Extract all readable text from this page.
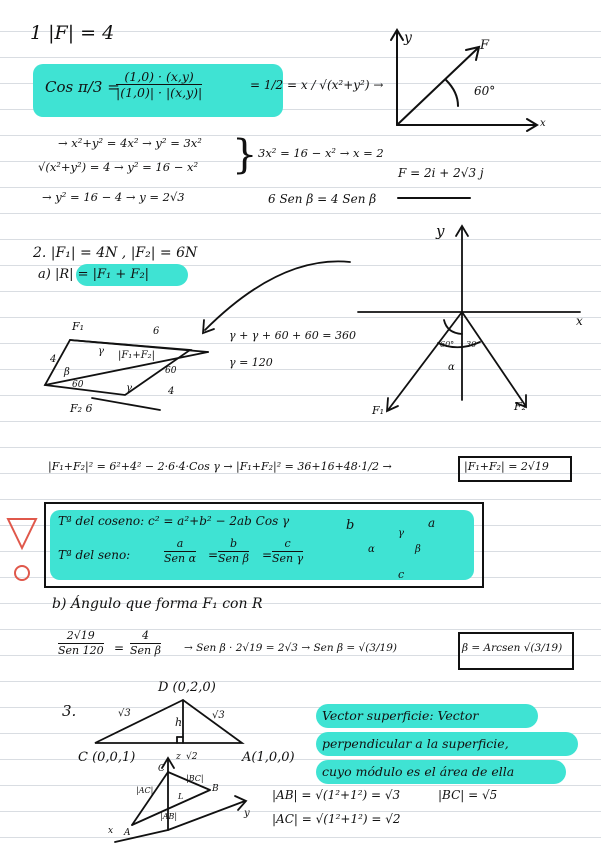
1 |F| = 4
Cos π/3 =
(1,0) · (x,y)
|(1,0)| · |(x,y)|
= 1/2 = x / √(x²+y²) →
→ x²+y² = 4x² → y² = 3x²
√(x²+y²) = 4 → y² = 16 − x² } 3x² = 16 − x² → x = 2
→ y² = 16 − 4 → y = 2√3	6 Sen β = 4 Sen β
y	F
60°
x
F = 2i + 2√3 j
2. |F₁| = 4N , |F₂| = 6N
a) |R| = |F₁ + F₂|
F₁	6
4
γ |F₁+F₂|
β	60
60	γ	4
F₂ 6
γ + γ + 60 + 60 = 360
γ = 120
y
x
60° 30
α
F₁	F₂
|F₁+F₂|² = 6²+4² − 2·6·4·Cos γ → |F₁+F₂|² = 36+16+48·1/2 →	|F₁+F₂| = 2√19
Tª del coseno: c² = a²+b² − 2ab Cos γ
Tª del seno:
a
Sen α =
b
Sen β =
c
Sen γ
b	a
γ
α	β
c
b) Ángulo que forma F₁ con R
2√19
Sen 120 =
4
Sen β → Sen β · 2√19 = 2√3 → Sen β = √(3/19)	β = Arcsen √(3/19)
3.
D (0,2,0)
√3
h
√3
C (0,0,1)	A(1,0,0)
Vector superficie: Vector
perpendicular a la superficie,
cuyo módulo es el área de ella
|AB| = √(1²+1²) = √3	|BC| = √5
|AC| = √(1²+1²) = √2
z √2
C
|BC|
|AC|
L
B
y
|AB|
A
x
